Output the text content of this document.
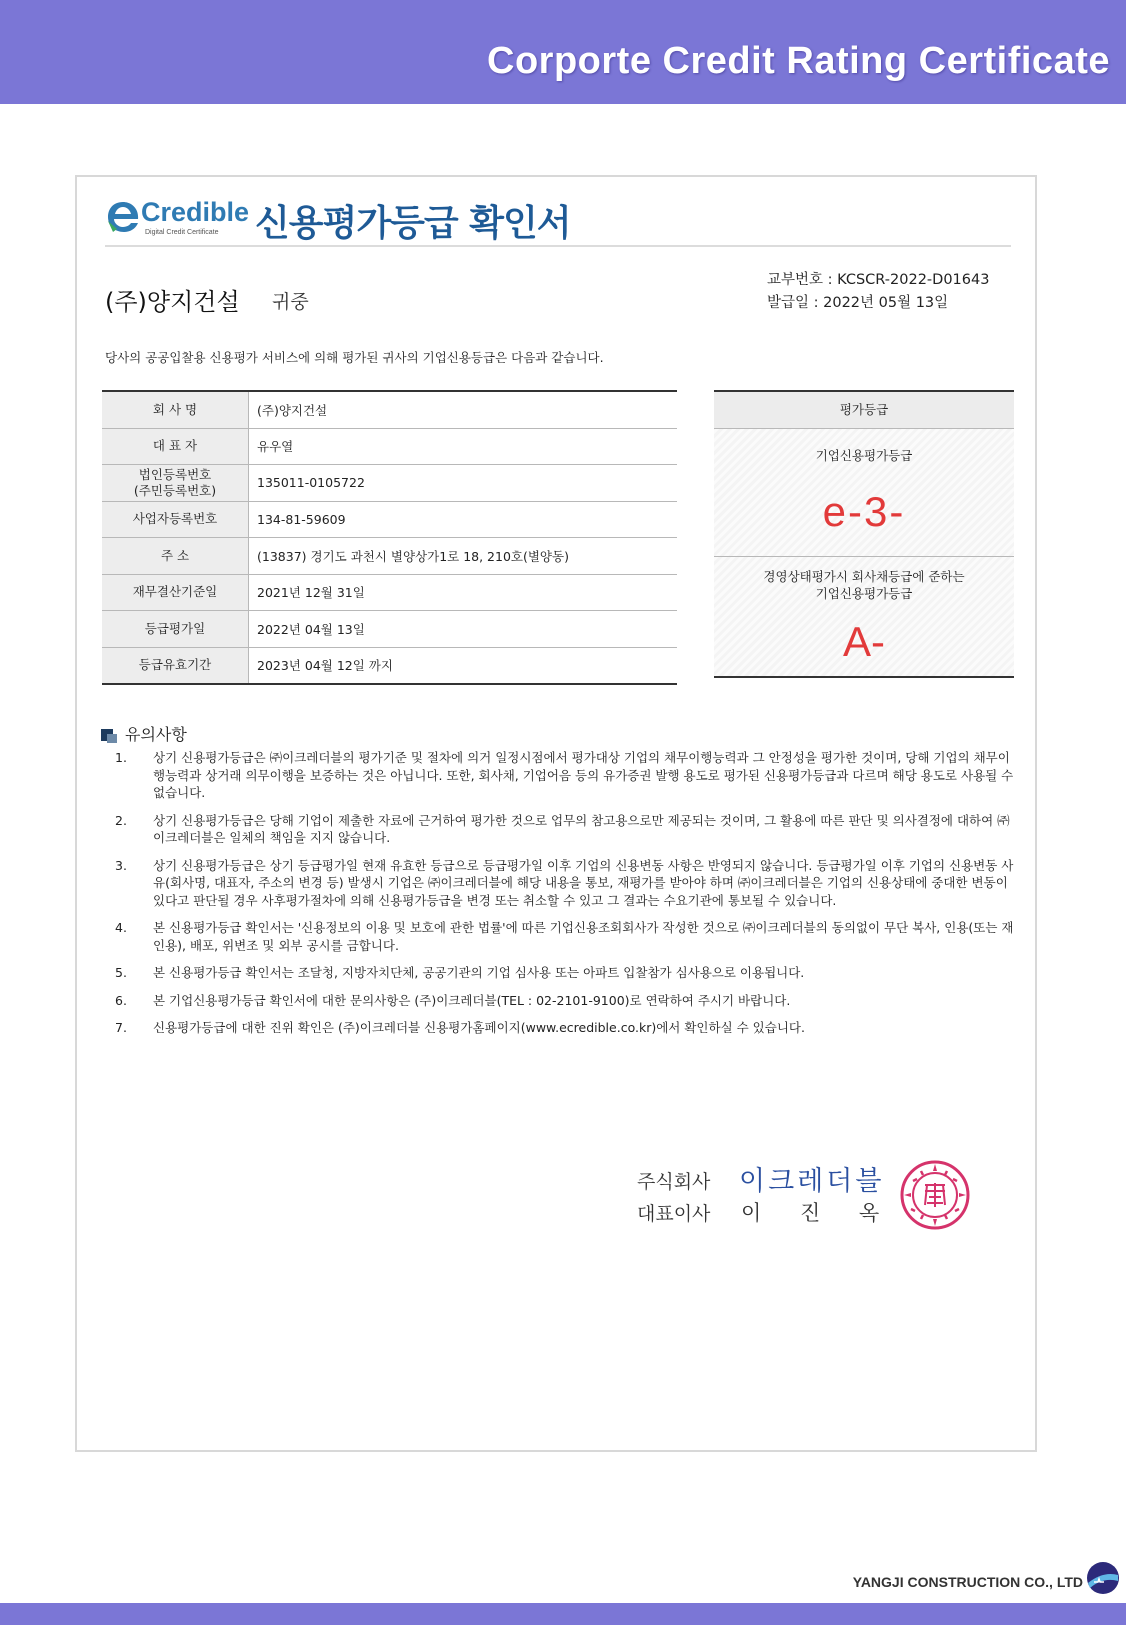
Corporte Credit Rating Certificate
Credible
Digital Credit Certificate 신용평가등급 확인서
(주)양지건설 귀중
교부번호 : KCSCR-2022-D01643
발급일 : 2022년 05월 13일
당사의 공공입찰용 신용평가 서비스에 의해 평가된 귀사의 기업신용등급은 다음과 같습니다.
회 사 명	(주)양지건설
대 표 자	유우열

법인등록번호
(주민등록번호)	135011-0105722
사업자등록번호	134-81-59609
주 소	(13837) 경기도 과천시 별양상가1로 18, 210호(별양동)
재무결산기준일	2021년 12월 31일
등급평가일	2022년 04월 13일
등급유효기간	2023년 04월 12일 까지
평가등급
기업신용평가등급
e-3-
경영상태평가시 회사채등급에 준하는
기업신용평가등급
A-
유의사항
1. 상기 신용평가등급은 ㈜이크레더블의 평가기준 및 절차에 의거 일정시점에서 평가대상 기업의 채무이행능력과 그 안정성을 평가한 것이며, 당해 기업의 채무이행능력과 상거래 의무이행을 보증하는 것은 아닙니다. 또한, 회사채, 기업어음 등의 유가증권 발행 용도로 평가된 신용평가등급과 다르며 해당 용도로 사용될 수 없습니다.
2. 상기 신용평가등급은 당해 기업이 제출한 자료에 근거하여 평가한 것으로 업무의 참고용으로만 제공되는 것이며, 그 활용에 따른 판단 및 의사결정에 대하여 ㈜이크레더블은 일체의 책임을 지지 않습니다.
3. 상기 신용평가등급은 상기 등급평가일 현재 유효한 등급으로 등급평가일 이후 기업의 신용변동 사항은 반영되지 않습니다. 등급평가일 이후 기업의 신용변동 사유(회사명, 대표자, 주소의 변경 등) 발생시 기업은 ㈜이크레더블에 해당 내용을 통보, 재평가를 받아야 하며 ㈜이크레더블은 기업의 신용상태에 중대한 변동이 있다고 판단될 경우 사후평가절차에 의해 신용평가등급을 변경 또는 취소할 수 있고 그 결과는 수요기관에 통보될 수 있습니다.
4. 본 신용평가등급 확인서는 '신용정보의 이용 및 보호에 관한 법률'에 따른 기업신용조회회사가 작성한 것으로 ㈜이크레더블의 동의없이 무단 복사, 인용(또는 재인용), 배포, 위변조 및 외부 공시를 금합니다.
5. 본 신용평가등급 확인서는 조달청, 지방자치단체, 공공기관의 기업 심사용 또는 아파트 입찰참가 심사용으로 이용됩니다.
6. 본 기업신용평가등급 확인서에 대한 문의사항은 (주)이크레더블(TEL : 02-2101-9100)로 연락하여 주시기 바랍니다.
7. 신용평가등급에 대한 진위 확인은 (주)이크레더블 신용평가홈페이지(www.ecredible.co.kr)에서 확인하실 수 있습니다.
주식회사
대표이사
이크레더블
이 진 옥
YANGJI CONSTRUCTION CO., LTD
